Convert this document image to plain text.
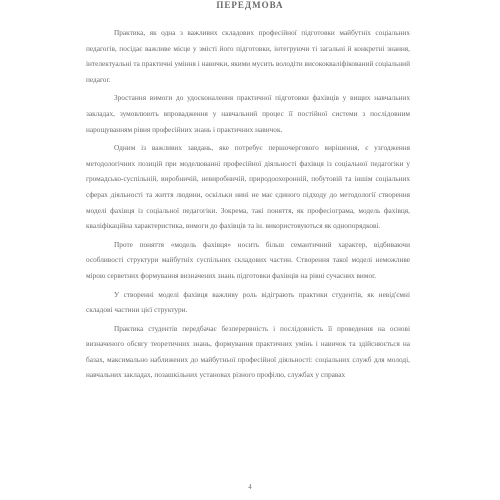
ПЕРЕДМОВА

Практика, як одна з важливих складових професійної підготовки майбутніх соціальних педагогів, посідає важливе місце у змісті його підготовки, інтегруючи ті загальні й конкретні знання, інтелектуальні та практичні уміння і навички, якими мусить володіти висококваліфікований соціальний педагог.

Зростання вимоги до удосконалення практичної підготовки фахівців у вищих навчальних закладах, зумовлюють впровадження у навчальний процес її постійної системи з послідовним нарощуванням рівня професійних знань і практичних навичок.

Одним із важливих завдань, яке потребує першочергового вирішення, є узгодження методологічних позицій при моделюванні професійної діяльності фахівця із соціальної педагогіки у громадсько-суспільній, виробничій, невиробничій, природоохоронній, побутовій та іншім соціальних сферах діяльності та життя людини, оскільки нині не має єдиного підходу до методології створення моделі фахівця із соціальної педагогіки. Зокрема, такі поняття, як профеcіограма, модель фахівця, кваліфікаційна характеристика, вимоги до фахівців та ін. використовуються як однопорядкові.

Проте поняття «модель фахівця» носить більш семантичний характер, відбиваючи особливості структури майбутніх суспільних складових частин. Створення такої моделі неможливе мірою серветних формування визначених знань підготовки фахівців на рівні сучасних вимог.

У створенні моделі фахівця важливу роль відіграють практики студентів, як невід'ємні складові частини цієї структури.

Практика студентів передбачає безперервність і послідовність її проведення на основі визначеного обсягу теоретичних знань, формування практичних умінь і навичок та здійснюється на базах, максимально наближених до майбутньої професійної діяльності: соціальних служб для молоді, навчальних закладах, позашкільних установах різного профілю, службах у справах

4
